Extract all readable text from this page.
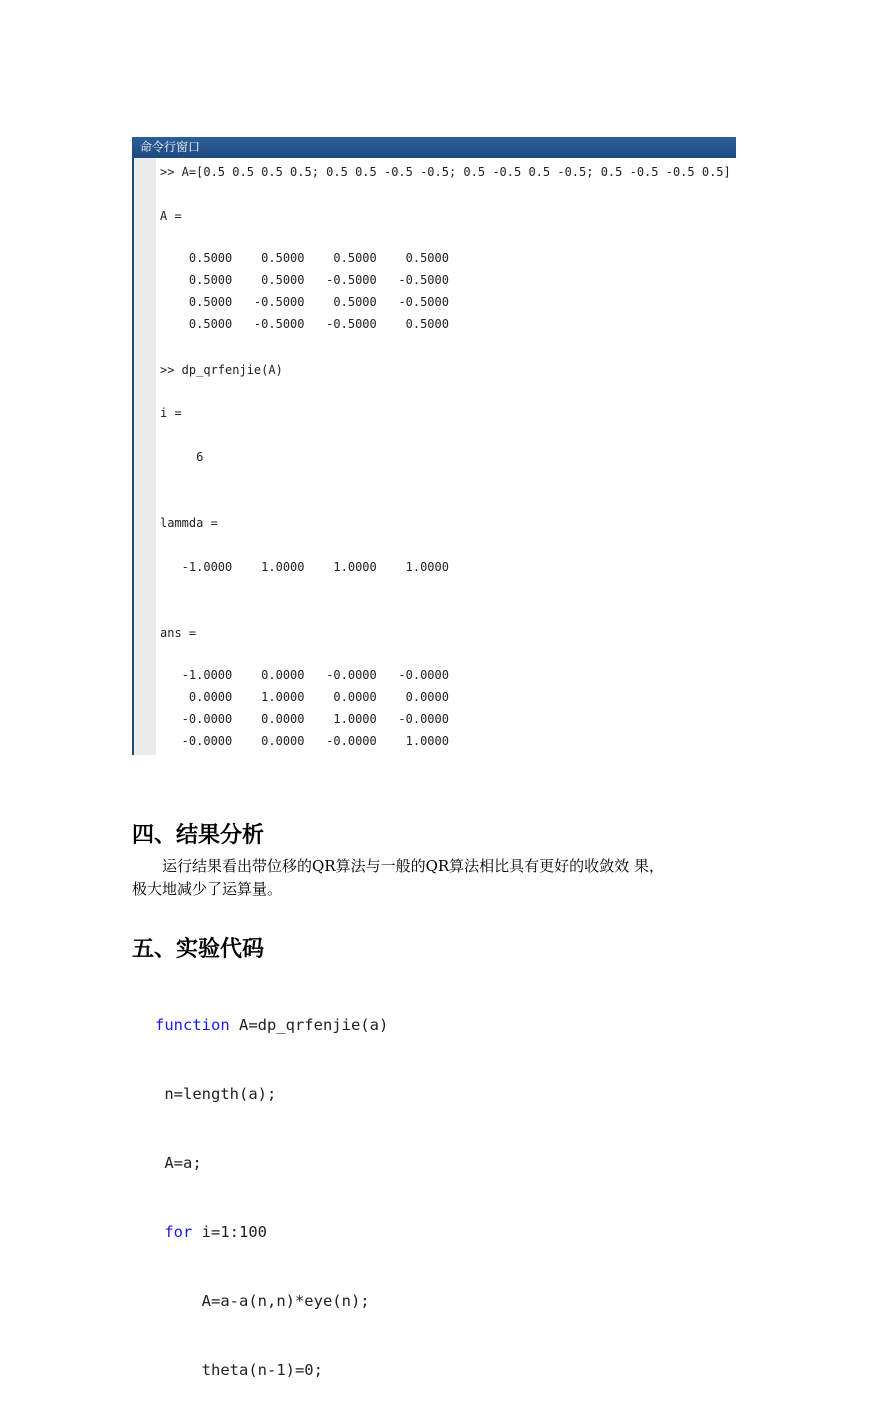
命令行窗口
>> A=[0.5 0.5 0.5 0.5; 0.5 0.5 -0.5 -0.5; 0.5 -0.5 0.5 -0.5; 0.5 -0.5 -0.5 0.5]
A =
0.5000    0.5000    0.5000    0.5000
0.5000    0.5000   -0.5000   -0.5000
0.5000   -0.5000    0.5000   -0.5000
0.5000   -0.5000   -0.5000    0.5000
>> dp_qrfenjie(A)
i =
6
lammda =
-1.0000    1.0000    1.0000    1.0000
ans =
-1.0000    0.0000   -0.0000   -0.0000
0.0000    1.0000    0.0000    0.0000
-0.0000    0.0000    1.0000   -0.0000
-0.0000    0.0000   -0.0000    1.0000
四、结果分析
运行结果看出带位移的QR算法与一般的QR算法相比具有更好的收敛效 果，
极大地减少了运算量。
五、实验代码

function A=dp_qrfenjie(a)

n=length(a);

A=a;

for i=1:100

A=a-a(n,n)*eye(n);

theta(n-1)=0;
